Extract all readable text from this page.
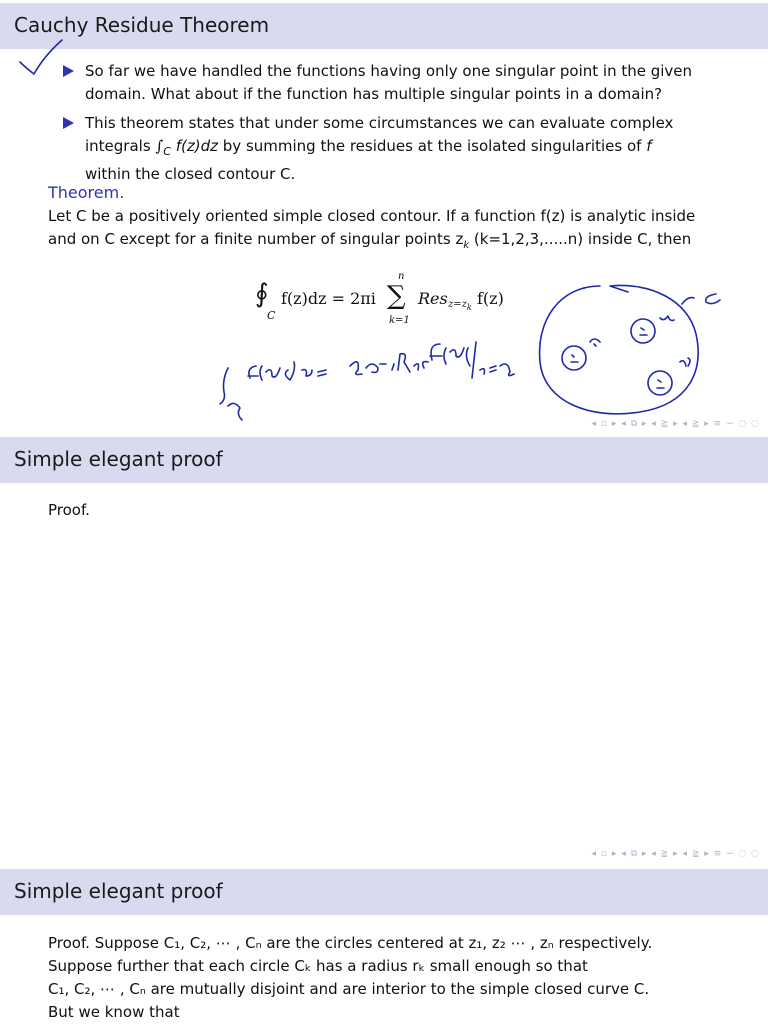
Cauchy Residue Theorem
So far we have handled the functions having only one singular point in the given domain. What about if the function has multiple singular points in a domain?
This theorem states that under some circumstances we can evaluate complex
integrals $\int_C$ f(z)dz by summing the residues at the isolated singularities of f
within the closed contour C.
Theorem.
Let C be a positively oriented simple closed contour. If a function f(z) is analytic inside and on C except for a finite number of singular points $z_k$ (k=1,2,3,.....n) inside C, then
∮
C
f(z)dz = 2πi
n
∑
k=1
Res $z=z_k$ f(z)
◂ ▫ ▸ ◂ ⧉ ▸ ◂ ≧ ▸ ◂ ≧ ▸ ≡ ∽ ◌ ◌
Simple elegant proof
Proof.
◂ ▫ ▸ ◂ ⧉ ▸ ◂ ≧ ▸ ◂ ≧ ▸ ≡ ∽ ◌ ◌
Simple elegant proof
Proof. Suppose C₁, C₂, ⋯ , Cₙ are the circles centered at z₁, z₂ ⋯ , zₙ respectively.
Suppose further that each circle Cₖ has a radius rₖ small enough so that
C₁, C₂, ⋯ , Cₙ are mutually disjoint and are interior to the simple closed curve C.
But we know that
